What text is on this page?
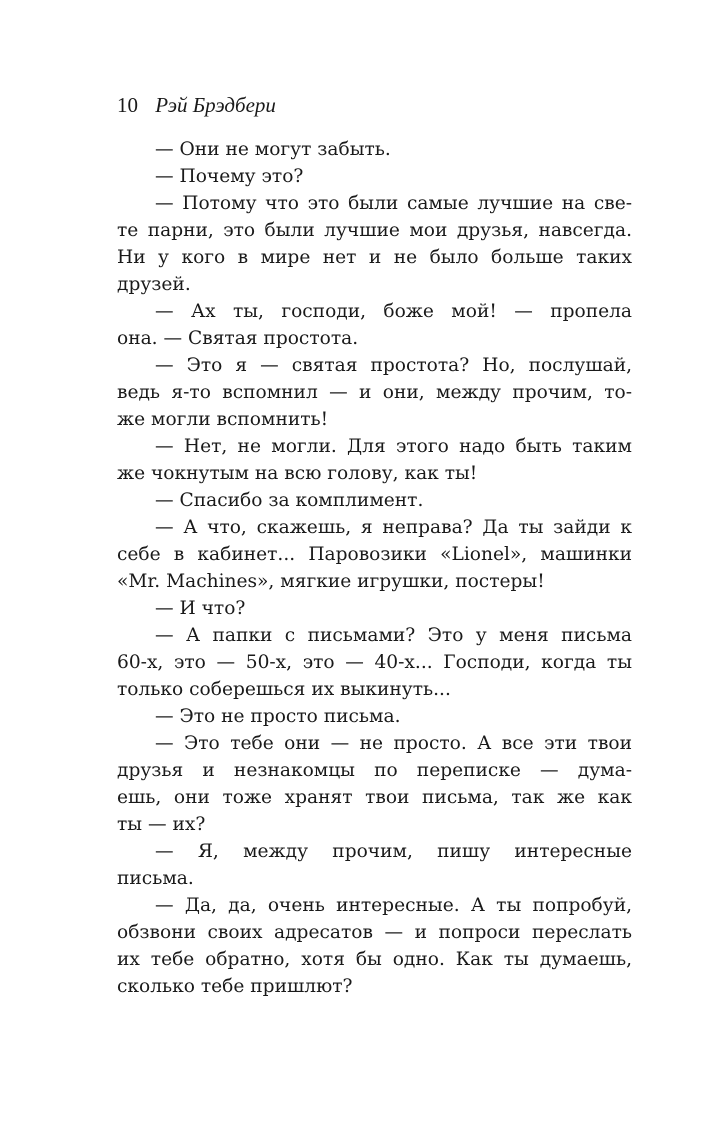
10 Рэй Брэдбери
— Они не могут забыть.
— Почему это?
— Потому что это были самые лучшие на све-
те парни, это были лучшие мои друзья, навсегда.
Ни у кого в мире нет и не было больше таких
друзей.
— Ах ты, господи, боже мой! — пропела
она. — Святая простота.
— Это я — святая простота? Но, послушай,
ведь я-то вспомнил — и они, между прочим, то-
же могли вспомнить!
— Нет, не могли. Для этого надо быть таким
же чокнутым на всю голову, как ты!
— Спасибо за комплимент.
— А что, скажешь, я неправа? Да ты зайди к
себе в кабинет... Паровозики «Lionel», машинки
«Mr. Machines», мягкие игрушки, постеры!
— И что?
— А папки с письмами? Это у меня письма
60-х, это — 50-х, это — 40-х... Господи, когда ты
только соберешься их выкинуть...
— Это не просто письма.
— Это тебе они — не просто. А все эти твои
друзья и незнакомцы по переписке — дума-
ешь, они тоже хранят твои письма, так же как
ты — их?
— Я, между прочим, пишу интересные
письма.
— Да, да, очень интересные. А ты попробуй,
обзвони своих адресатов — и попроси переслать
их тебе обратно, хотя бы одно. Как ты думаешь,
сколько тебе пришлют?
